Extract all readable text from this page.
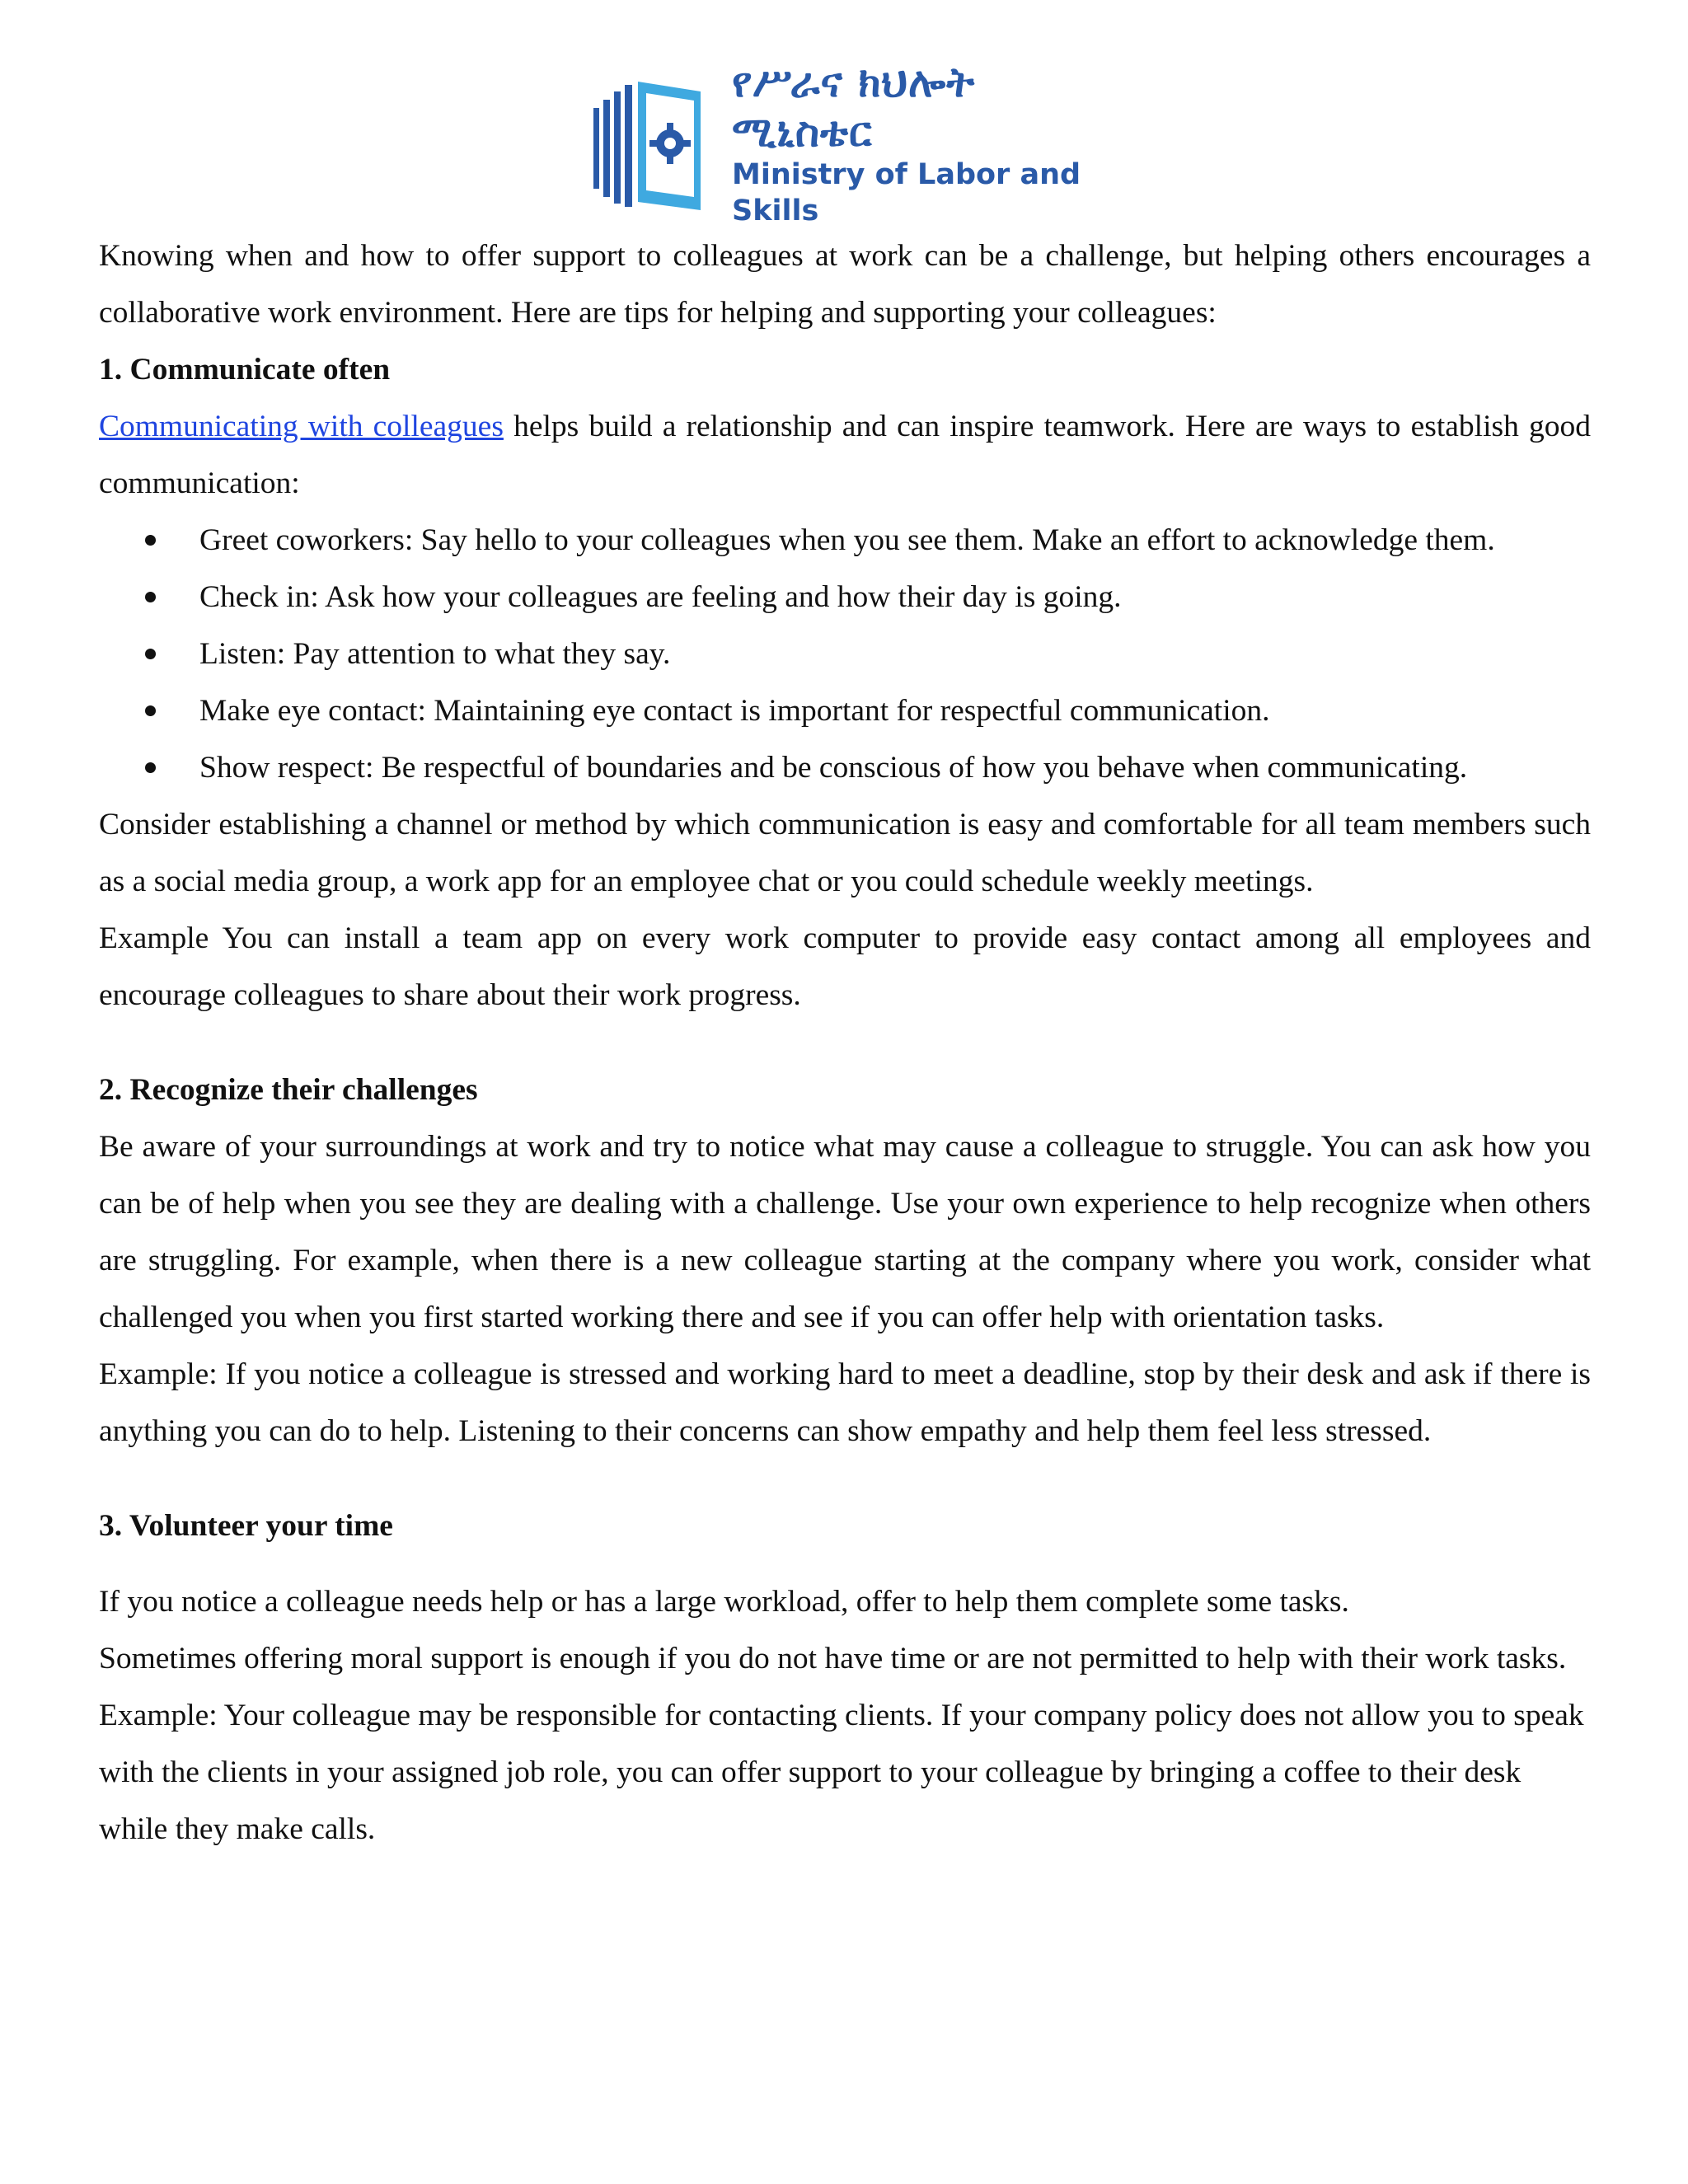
የሥራና ክህሎት ሚኒስቴር
Ministry of Labor and Skills

Knowing when and how to offer support to colleagues at work can be a challenge, but helping others encourages a collaborative work environment. Here are tips for helping and supporting your colleagues:

1. Communicate often

Communicating with colleagues helps build a relationship and can inspire teamwork. Here are ways to establish good communication:

Greet coworkers: Say hello to your colleagues when you see them. Make an effort to acknowledge them.
Check in: Ask how your colleagues are feeling and how their day is going.
Listen: Pay attention to what they say.
Make eye contact: Maintaining eye contact is important for respectful communication.
Show respect: Be respectful of boundaries and be conscious of how you behave when communicating.

Consider establishing a channel or method by which communication is easy and comfortable for all team members such as a social media group, a work app for an employee chat or you could schedule weekly meetings.

Example You can install a team app on every work computer to provide easy contact among all employees and encourage colleagues to share about their work progress.

2. Recognize their challenges

Be aware of your surroundings at work and try to notice what may cause a colleague to struggle. You can ask how you can be of help when you see they are dealing with a challenge. Use your own experience to help recognize when others are struggling. For example, when there is a new colleague starting at the company where you work, consider what challenged you when you first started working there and see if you can offer help with orientation tasks.

Example: If you notice a colleague is stressed and working hard to meet a deadline, stop by their desk and ask if there is anything you can do to help. Listening to their concerns can show empathy and help them feel less stressed.

3. Volunteer your time

If you notice a colleague needs help or has a large workload, offer to help them complete some tasks.

Sometimes offering moral support is enough if you do not have time or are not permitted to help with their work tasks.

Example: Your colleague may be responsible for contacting clients. If your company policy does not allow you to speak with the clients in your assigned job role, you can offer support to your colleague by bringing a coffee to their desk while they make calls.
